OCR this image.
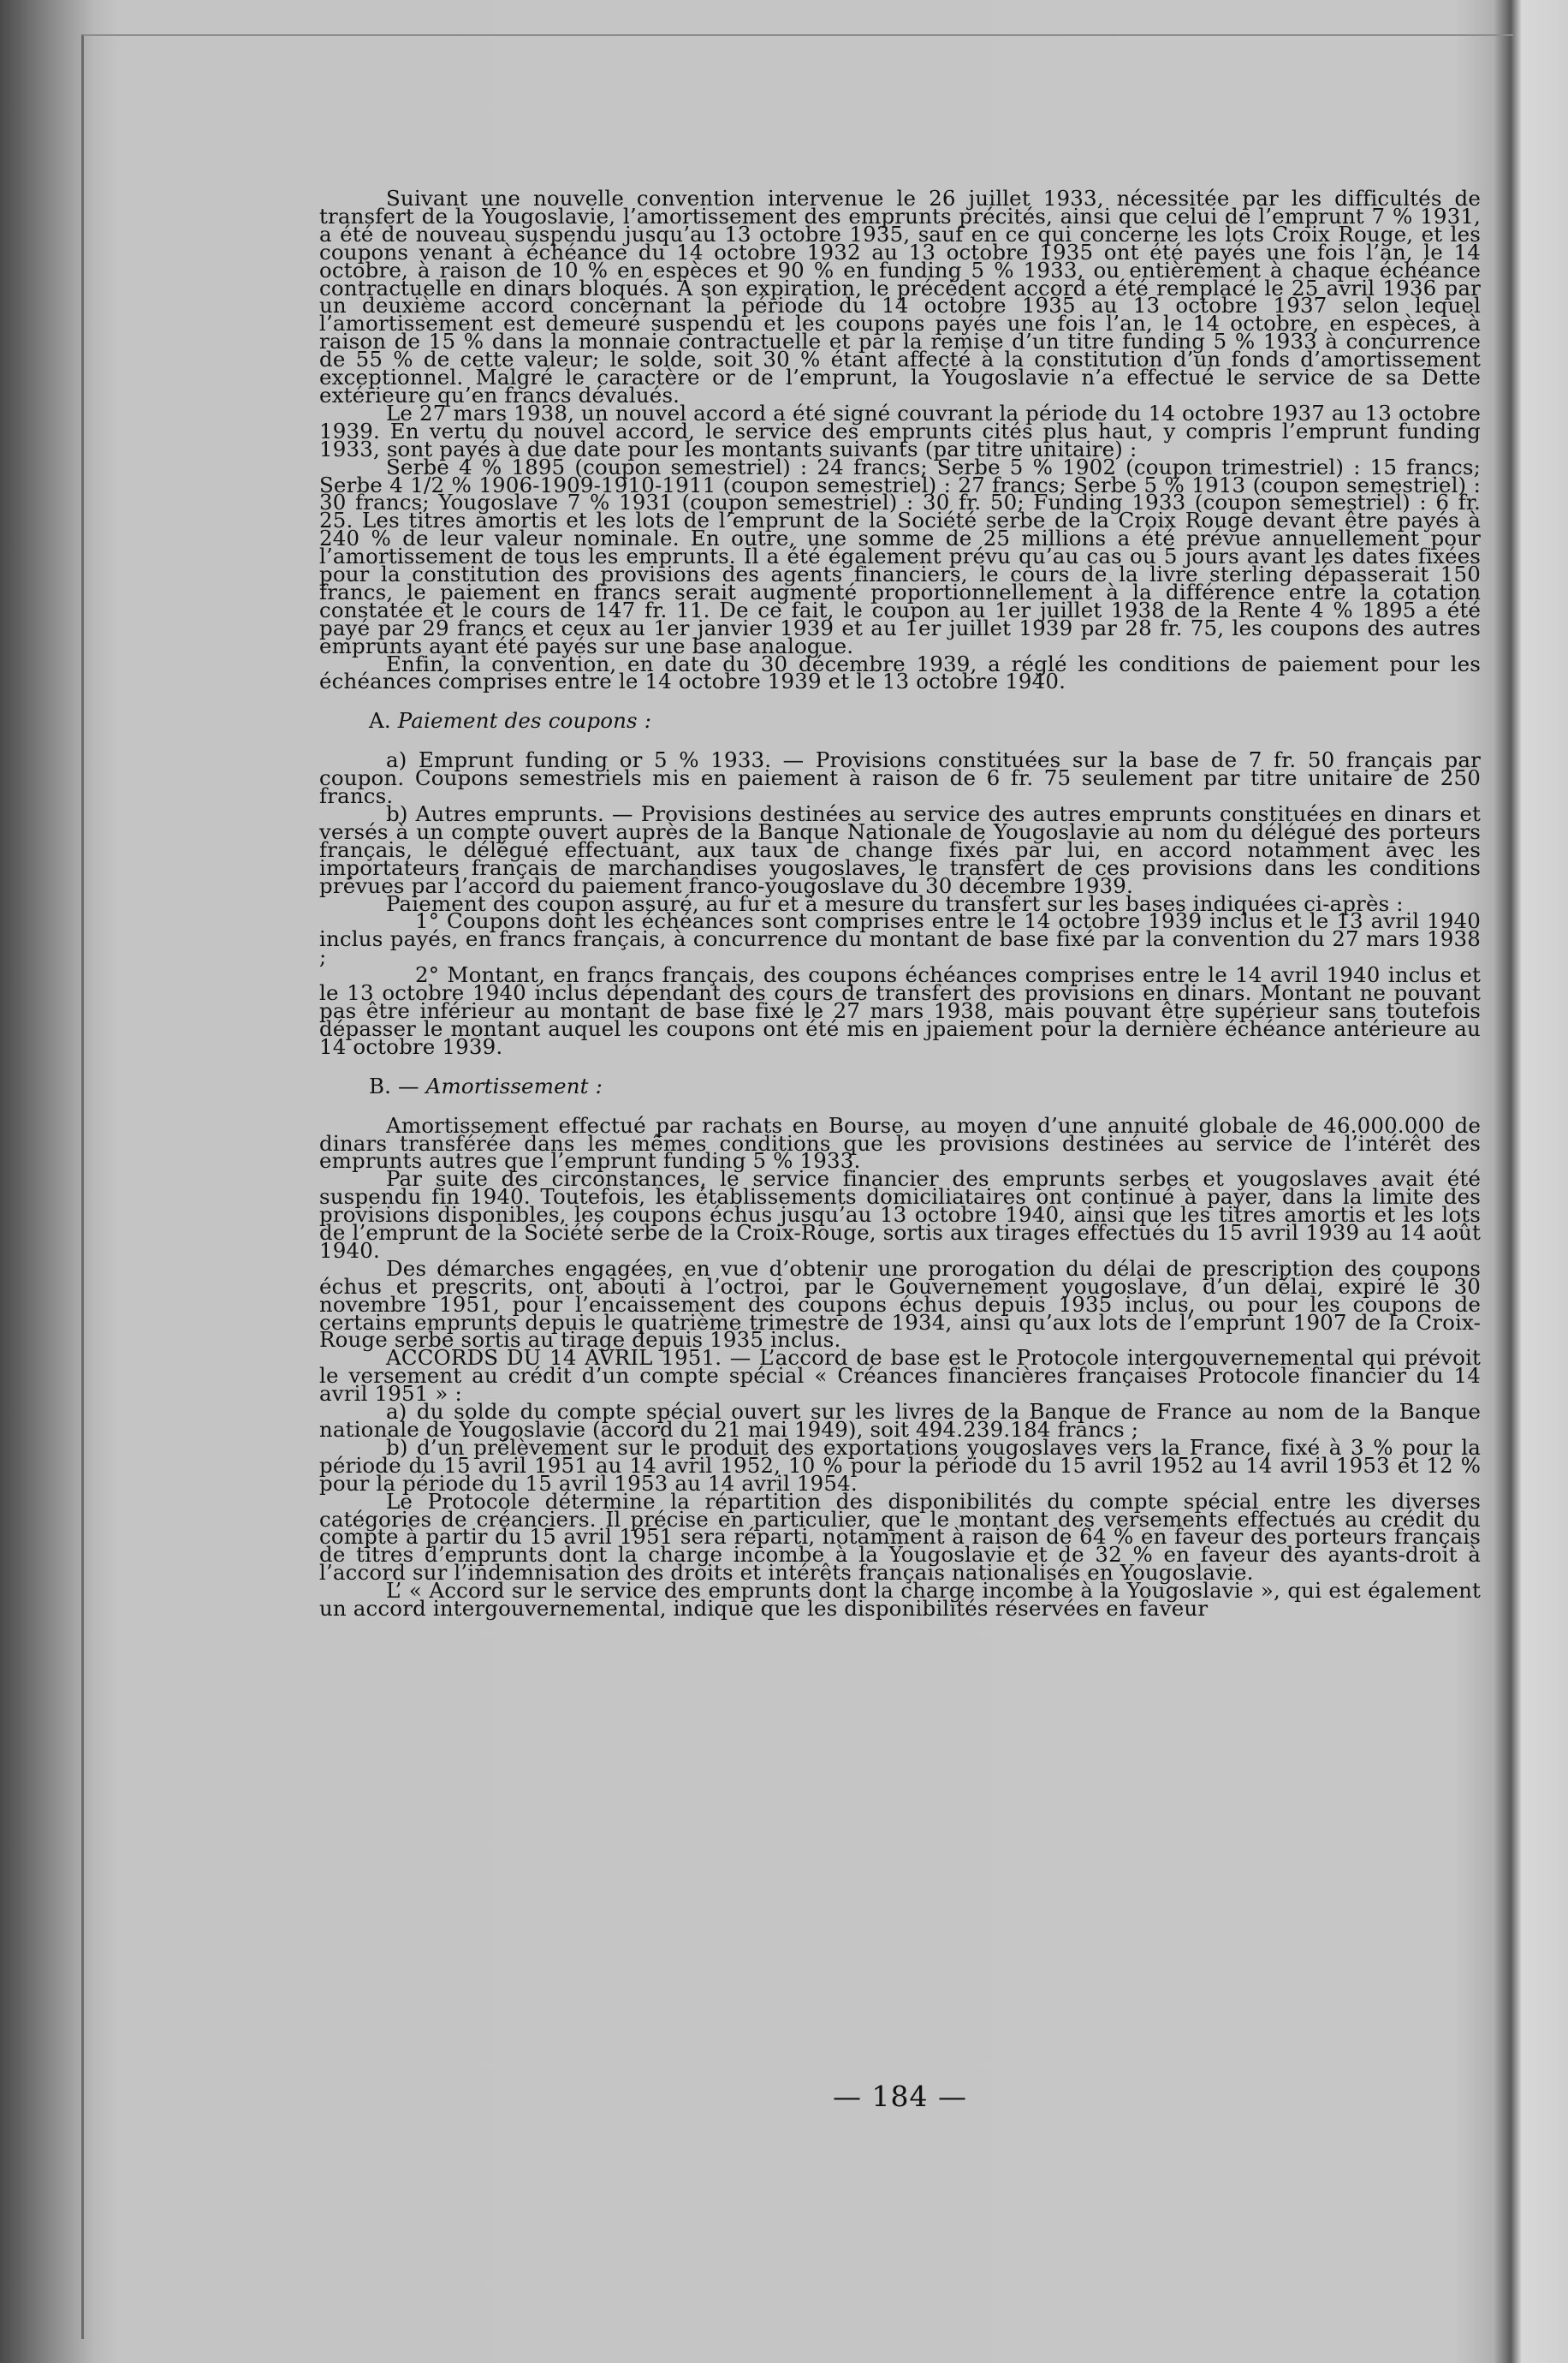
Suivant une nouvelle convention intervenue le 26 juillet 1933, nécessitée par les difficultés de transfert de la Yougoslavie, l’amortissement des emprunts précités, ainsi que celui de l’emprunt 7 % 1931, a été de nouveau suspendu jusqu’au 13 octobre 1935, sauf en ce qui concerne les lots Croix Rouge, et les coupons venant à échéance du 14 octobre 1932 au 13 octobre 1935 ont été payés une fois l’an, le 14 octobre, à raison de 10 % en espèces et 90 % en funding 5 % 1933, ou entièrement à chaque échéance contractuelle en dinars bloqués. À son expiration, le précédent accord a été remplacé le 25 avril 1936 par un deuxième accord concernant la période du 14 octobre 1935 au 13 octobre 1937 selon lequel l’amortissement est demeuré suspendu et les coupons payés une fois l’an, le 14 octobre, en espèces, à raison de 15 % dans la monnaie contractuelle et par la remise d’un titre funding 5 % 1933 à concurrence de 55 % de cette valeur; le solde, soit 30 % étant affecté à la constitution d’un fonds d’amortissement exceptionnel. Malgré le caractère or de l’emprunt, la Yougoslavie n’a effectué le service de sa Dette extérieure qu’en francs dévalués.

Le 27 mars 1938, un nouvel accord a été signé couvrant la période du 14 octobre 1937 au 13 octobre 1939. En vertu du nouvel accord, le service des emprunts cités plus haut, y compris l’emprunt funding 1933, sont payés à due date pour les montants suivants (par titre unitaire) :

Serbe 4 % 1895 (coupon semestriel) : 24 francs; Serbe 5 % 1902 (coupon trimestriel) : 15 francs; Serbe 4 1/2 % 1906-1909-1910-1911 (coupon semestriel) : 27 francs; Serbe 5 % 1913 (coupon semestriel) : 30 francs; Yougoslave 7 % 1931 (coupon semestriel) : 30 fr. 50; Funding 1933 (coupon semestriel) : 6 fr. 25. Les titres amortis et les lots de l’emprunt de la Société serbe de la Croix Rouge devant être payés à 240 % de leur valeur nominale. En outre, une somme de 25 millions a été prévue annuellement pour l’amortissement de tous les emprunts. Il a été également prévu qu’au cas ou 5 jours avant les dates fixées pour la constitution des provisions des agents financiers, le cours de la livre sterling dépasserait 150 francs, le paiement en francs serait augmenté proportionnellement à la différence entre la cotation constatée et le cours de 147 fr. 11. De ce fait, le coupon au 1er juillet 1938 de la Rente 4 % 1895 a été payé par 29 francs et ceux au 1er janvier 1939 et au 1er juillet 1939 par 28 fr. 75, les coupons des autres emprunts ayant été payés sur une base analogue.

Enfin, la convention, en date du 30 décembre 1939, a réglé les conditions de paiement pour les échéances comprises entre le 14 octobre 1939 et le 13 octobre 1940.

A. Paiement des coupons :

a) Emprunt funding or 5 % 1933. — Provisions constituées sur la base de 7 fr. 50 français par coupon. Coupons semestriels mis en paiement à raison de 6 fr. 75 seulement par titre unitaire de 250 francs.

b) Autres emprunts. — Provisions destinées au service des autres emprunts constituées en dinars et versés à un compte ouvert auprès de la Banque Nationale de Yougoslavie au nom du délégué des porteurs français, le délégué effectuant, aux taux de change fixés par lui, en accord notamment avec les importateurs français de marchandises yougoslaves, le transfert de ces provisions dans les conditions prévues par l’accord du paiement franco-yougoslave du 30 décembre 1939.

Paiement des coupon assuré, au fur et à mesure du transfert sur les bases indiquées ci-après :

1° Coupons dont les échéances sont comprises entre le 14 octobre 1939 inclus et le 13 avril 1940 inclus payés, en francs français, à concurrence du montant de base fixé par la convention du 27 mars 1938 ;

2° Montant, en francs français, des coupons échéances comprises entre le 14 avril 1940 inclus et le 13 octobre 1940 inclus dépendant des cours de transfert des provisions en dinars. Montant ne pouvant pas être inférieur au montant de base fixé le 27 mars 1938, mais pouvant être supérieur sans toutefois dépasser le montant auquel les coupons ont été mis en jpaiement pour la dernière échéance antérieure au 14 octobre 1939.

B. — Amortissement :

Amortissement effectué par rachats en Bourse, au moyen d’une annuité globale de 46.000.000 de dinars transférée dans les mêmes conditions que les provisions destinées au service de l’intérêt des emprunts autres que l’emprunt funding 5 % 1933.

Par suite des circonstances, le service financier des emprunts serbes et yougoslaves avait été suspendu fin 1940. Toutefois, les établissements domiciliataires ont continué à payer, dans la limite des provisions disponibles, les coupons échus jusqu’au 13 octobre 1940, ainsi que les titres amortis et les lots de l’emprunt de la Société serbe de la Croix-Rouge, sortis aux tirages effectués du 15 avril 1939 au 14 août 1940.

Des démarches engagées, en vue d’obtenir une prorogation du délai de prescription des coupons échus et prescrits, ont abouti à l’octroi, par le Gouvernement yougoslave, d’un délai, expiré le 30 novembre 1951, pour l’encaissement des coupons échus depuis 1935 inclus, ou pour les coupons de certains emprunts depuis le quatrième trimestre de 1934, ainsi qu’aux lots de l’emprunt 1907 de la Croix-Rouge serbe sortis au tirage depuis 1935 inclus.

ACCORDS DU 14 AVRIL 1951. — L’accord de base est le Protocole intergouvernemental qui prévoit le versement au crédit d’un compte spécial « Créances financières françaises Protocole financier du 14 avril 1951 » :

a) du solde du compte spécial ouvert sur les livres de la Banque de France au nom de la Banque nationale de Yougoslavie (accord du 21 mai 1949), soit 494.239.184 francs ;

b) d’un prélèvement sur le produit des exportations yougoslaves vers la France, fixé à 3 % pour la période du 15 avril 1951 au 14 avril 1952, 10 % pour la période du 15 avril 1952 au 14 avril 1953 et 12 % pour la période du 15 avril 1953 au 14 avril 1954.

Le Protocole détermine la répartition des disponibilités du compte spécial entre les diverses catégories de créanciers. Il précise en particulier, que le montant des versements effectués au crédit du compte à partir du 15 avril 1951 sera réparti, notamment à raison de 64 % en faveur des porteurs français de titres d’emprunts dont la charge incombe à la Yougoslavie et de 32 % en faveur des ayants-droit à l’accord sur l’indemnisation des droits et intérêts français nationalisés en Yougoslavie.

L’ « Accord sur le service des emprunts dont la charge incombe à la Yougoslavie », qui est également un accord intergouvernemental, indique que les disponibilités réservées en faveur

— 184 —
